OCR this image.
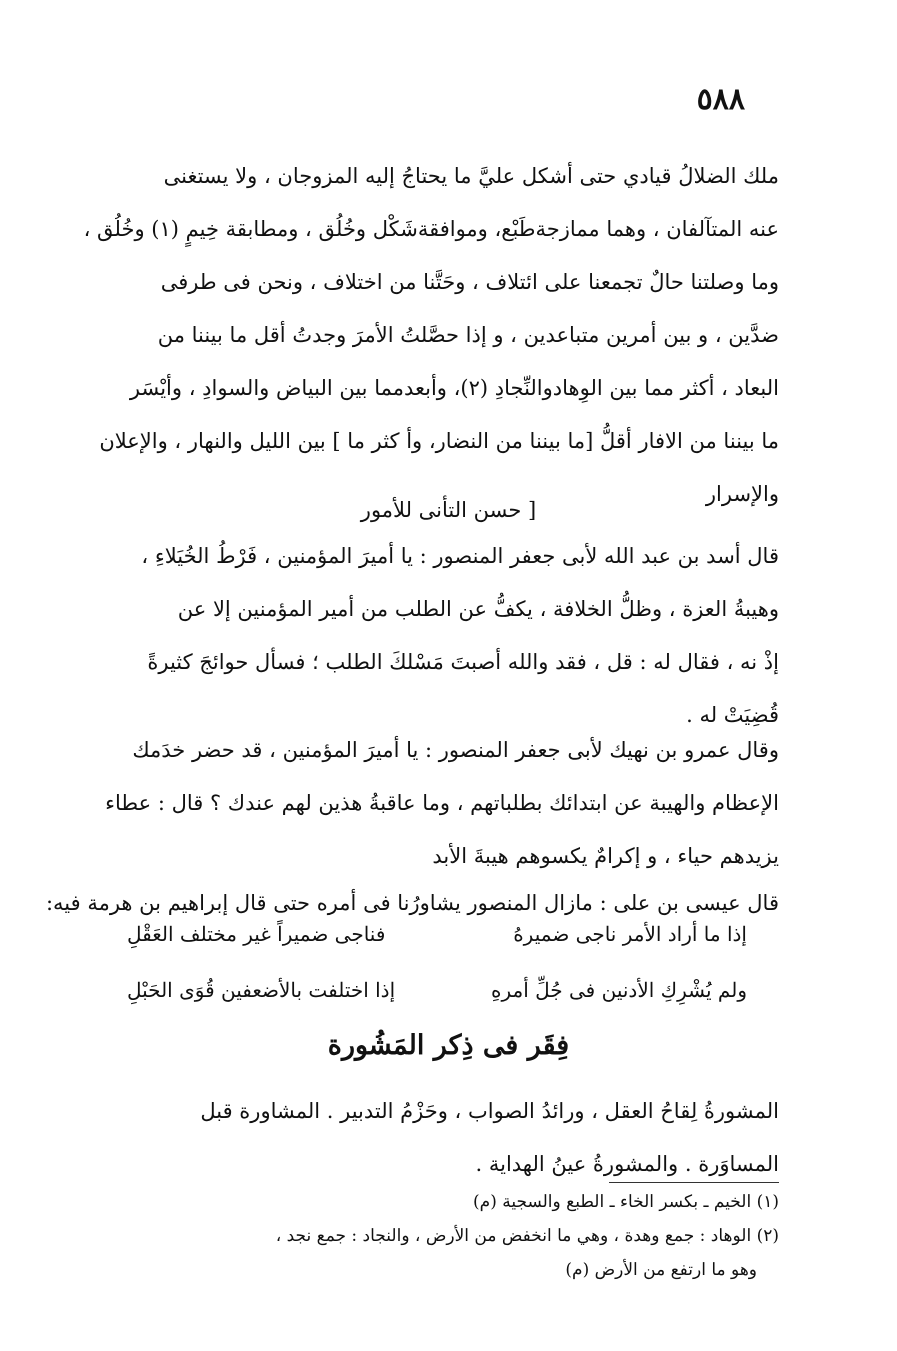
٥٨٨
ملك الضلالُ قيادي حتى أشكل عليَّ ما يحتاجُ إليه المزوجان ، ولا يستغنى
عنه المتآلفان ، وهما ممازجةطَبْع، وموافقةشَكْل وخُلُق ، ومطابقة خِيمٍ (١) وخُلُق ،
وما وصلتنا حالٌ تجمعنا على ائتلاف ، وحَتَّنا من اختلاف ، ونحن فى طرفى
ضدَّين ، و بين أمرين متباعدين ، و إذا حصَّلتُ الأمرَ وجدتُ أقل ما بيننا من
البعاد ، أكثر مما بين الوِهادوالنِّجادِ (٢)، وأبعدمما بين البياض والسوادِ ، وأيْسَر
ما بيننا من الافار أقلُّ [ما بيننا من النضار، وأ كثر ما ] بين الليل والنهار ، والإعلان
والإسرار
[ حسن التأنى للأمور
قال أسد بن عبد الله لأبى جعفر المنصور : يا أميرَ المؤمنين ، فَرْطُ الخُيَلاءِ ،
وهيبةُ العزة ، وظلُّ الخلافة ، يكفُّ عن الطلب من أمير المؤمنين إلا عن
إذْ نه ، فقال له : قل ، فقد والله أصبتَ مَسْلكَ الطلب ؛ فسأل حوائجَ كثيرةً
قُضِيَتْ له .
وقال عمرو بن نهيك لأبى جعفر المنصور : يا أميرَ المؤمنين ، قد حضر خدَمك
الإعظام والهيبة عن ابتدائك بطلباتهم ، وما عاقبةُ هذين لهم عندك ؟ قال : عطاء
يزيدهم حياء ، و إكرامٌ يكسوهم هيبةَ الأبد
قال عيسى بن على : مازال المنصور يشاورُنا فى أمره حتى قال إبراهيم بن هرمة فيه:
إذا ما أراد الأمر ناجى ضميرهُ
فناجى ضميراً غير مختلف العَقْلِ
ولم يُشْرِكِ الأدنين فى جُلِّ أمرهِ
إذا اختلفت بالأضعفين قُوَى الحَبْلِ
فِقَر فى ذِكر المَشُورة
المشورةُ لِقاحُ العقل ، ورائدُ الصواب ، وحَزْمُ التدبير . المشاورة قبل
المساوَرة . والمشورةُ عينُ الهداية .
(١) الخيم ـ بكسر الخاء ـ الطبع والسجية (م)
(٢) الوهاد : جمع وهدة ، وهي ما انخفض من الأرض ، والنجاد : جمع نجد ،
وهو ما ارتفع من الأرض (م)
